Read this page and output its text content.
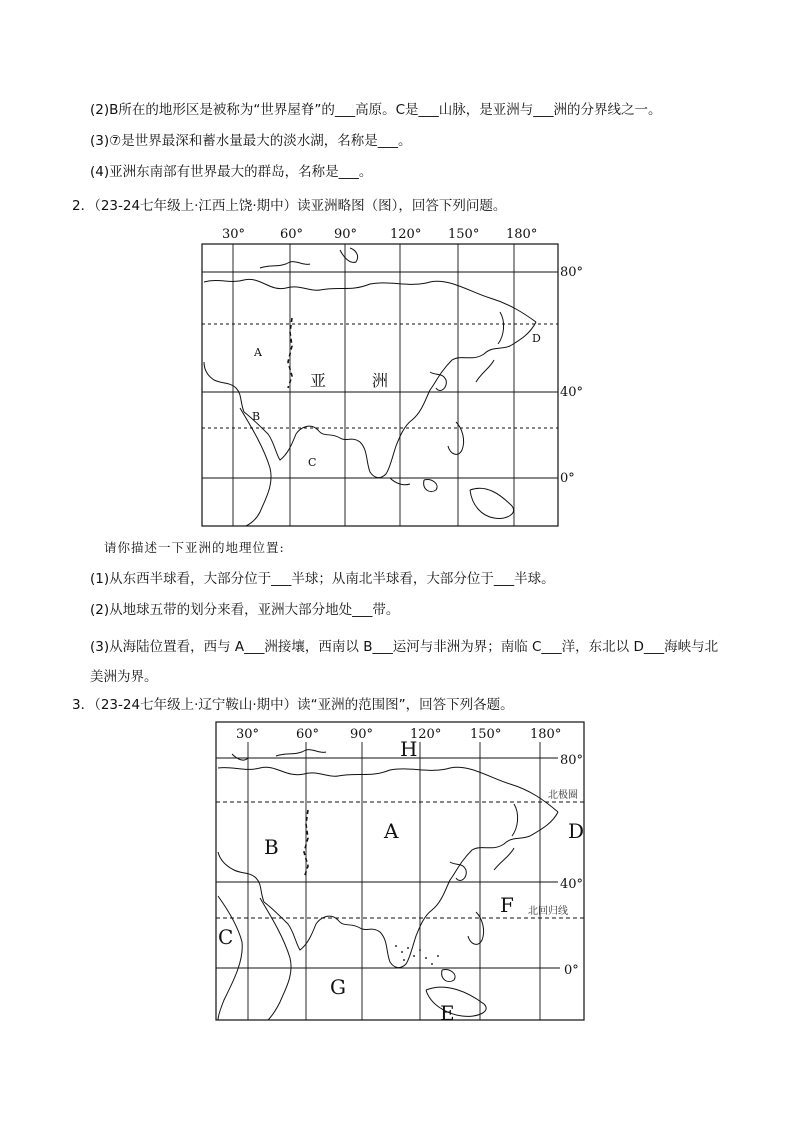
(2)B所在的地形区是被称为“世界屋脊”的___高原。C是___山脉，是亚洲与___洲的分界线之一。
(3)⑦是世界最深和蓄水量最大的淡水湖，名称是___。
(4)亚洲东南部有世界最大的群岛，名称是___。
2．（23-24七年级上·江西上饶·期中）读亚洲略图（图），回答下列问题。
30°	60° 90°	120° 150° 180°
80°
40°
0°
A
B
C
D
亚	洲
请你描述一下亚洲的地理位置:
(1)从东西半球看，大部分位于___半球；从南北半球看，大部分位于___半球。
(2)从地球五带的划分来看，亚洲大部分地处___带。
(3)从海陆位置看，西与 A___洲接壤，西南以 B___运河与非洲为界；南临 C___洋，东北以 D___海峡与北美洲为界。
3．（23-24七年级上·辽宁鞍山·期中）读“亚洲的范围图”，回答下列各题。
30°	60° 90°	120° 150° 180°
80°
40°
0°
北极圈
北回归线
A
B
C
D
E
F
G
H
